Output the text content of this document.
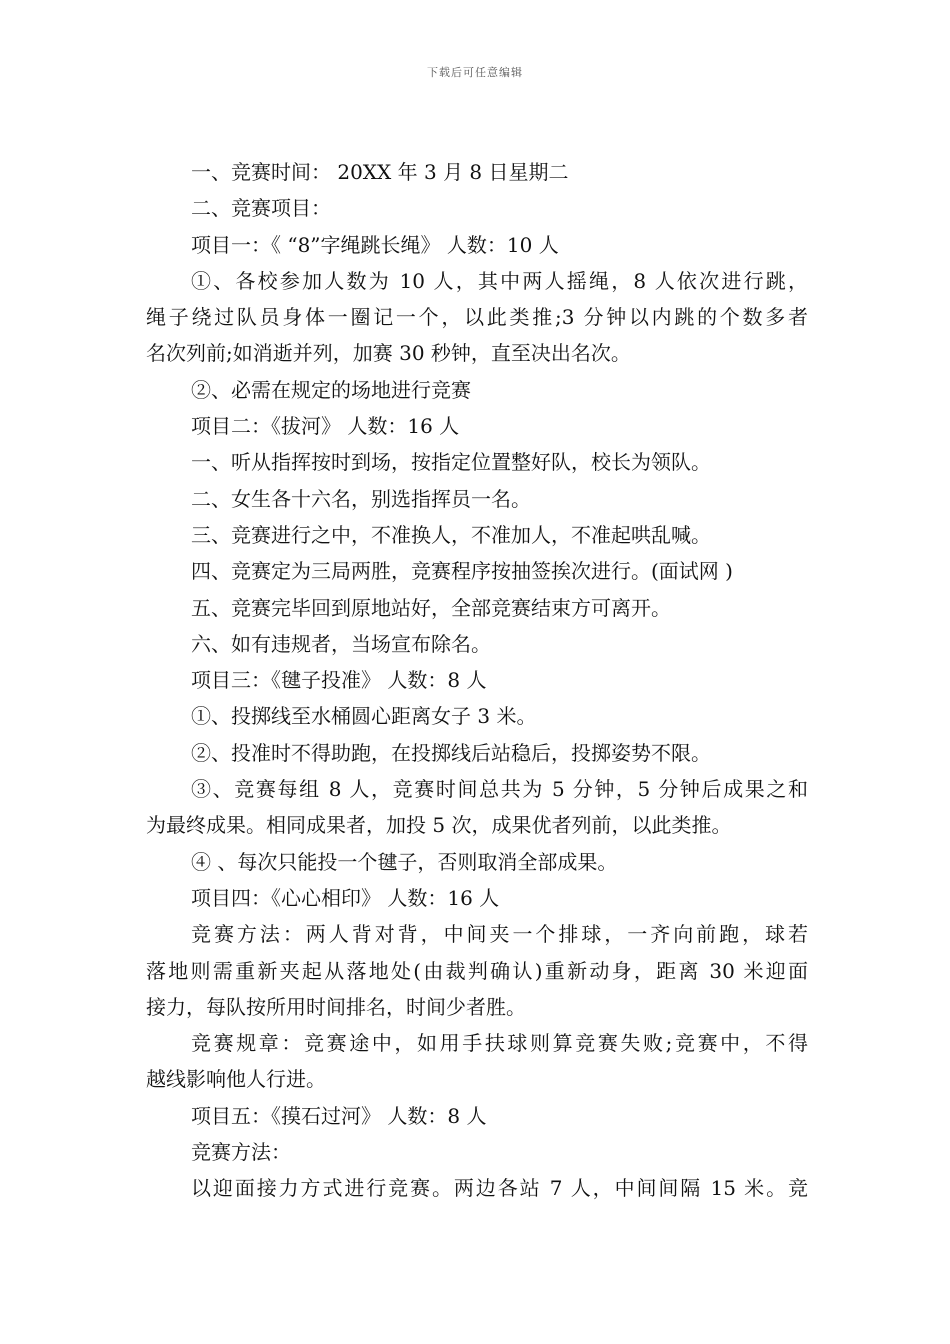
下载后可任意编辑
一、竞赛时间： 20XX 年 3 月 8 日星期二
二、竞赛项目：
项目一：《 “8”字绳跳长绳》 人数：10 人
①、各校参加人数为 10 人，其中两人摇绳，8 人依次进行跳，
绳子绕过队员身体一圈记一个，以此类推;3 分钟以内跳的个数多者
名次列前;如消逝并列，加赛 30 秒钟，直至决出名次。
②、必需在规定的场地进行竞赛
项目二：《拔河》 人数：16 人
一、听从指挥按时到场，按指定位置整好队，校长为领队。
二、女生各十六名，别选指挥员一名。
三、竞赛进行之中，不准换人，不准加人，不准起哄乱喊。
四、竞赛定为三局两胜，竞赛程序按抽签挨次进行。(面试网 )
五、竞赛完毕回到原地站好，全部竞赛结束方可离开。
六、如有违规者，当场宣布除名。
项目三：《毽子投准》 人数：8 人
①、投掷线至水桶圆心距离女子 3 米。
②、投准时不得助跑，在投掷线后站稳后，投掷姿势不限。
③、竞赛每组 8 人，竞赛时间总共为 5 分钟，5 分钟后成果之和
为最终成果。相同成果者，加投 5 次，成果优者列前，以此类推。
④ 、每次只能投一个毽子，否则取消全部成果。
项目四：《心心相印》 人数：16 人
竞赛方法：两人背对背，中间夹一个排球，一齐向前跑，球若
落地则需重新夹起从落地处(由裁判确认)重新动身，距离 30 米迎面
接力，每队按所用时间排名，时间少者胜。
竞赛规章：竞赛途中，如用手扶球则算竞赛失败;竞赛中，不得
越线影响他人行进。
项目五：《摸石过河》 人数：8 人
竞赛方法：
以迎面接力方式进行竞赛。两边各站 7 人，中间间隔 15 米。竞
